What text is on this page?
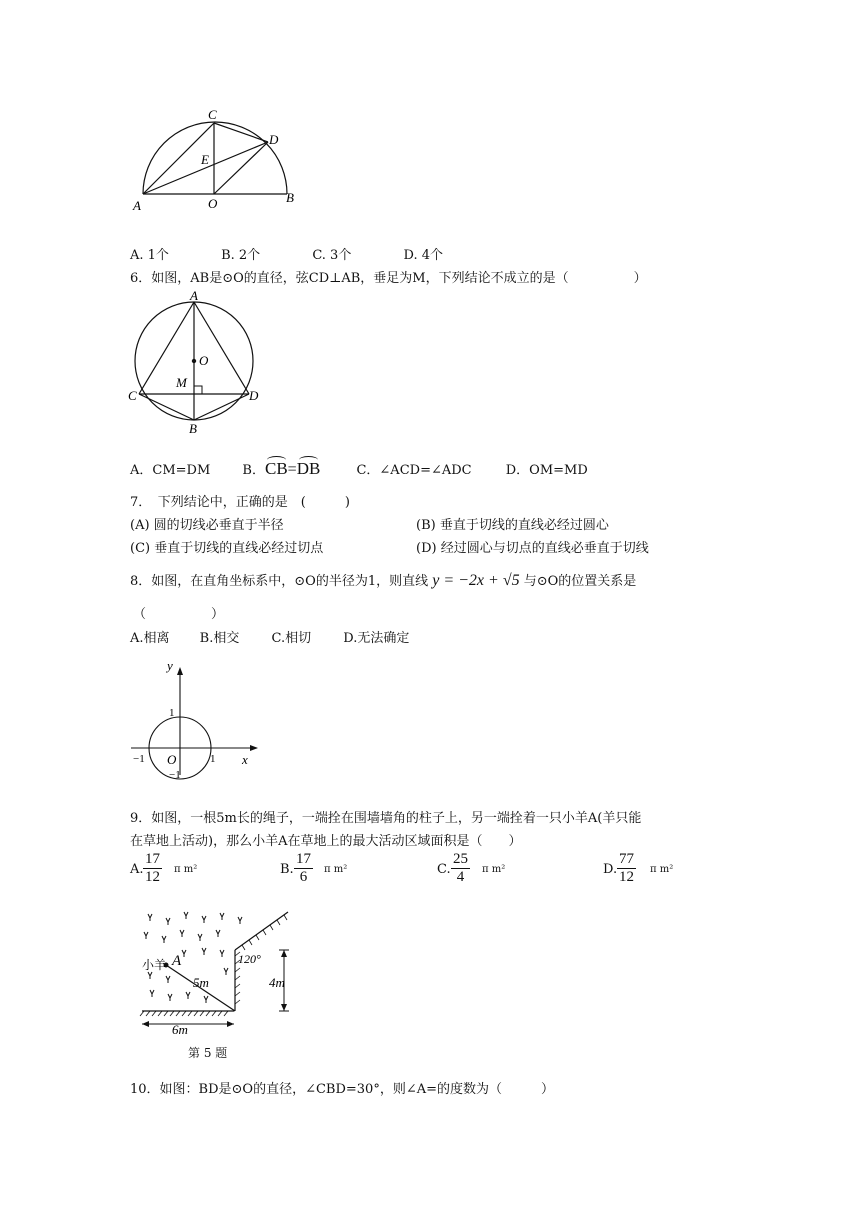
C
D
E
A	O	B
A. 1个	B. 2个	C. 3个	D. 4个
6．如图，AB是⊙O的直径，弦CD⊥AB，垂足为M，下列结论不成立的是（　　　　　）
A
O
M
C	D
B
A．CM=DM B．CB=DB	C．∠ACD=∠ADC	D．OM=MD
7．　下列结论中，正确的是　(　　　)
(A) 圆的切线必垂直于半径	(B) 垂直于切线的直线必经过圆心
(C) 垂直于切线的直线必经过切点	(D) 经过圆心与切点的直线必垂直于切线
8．如图，在直角坐标系中，⊙O的半径为1，则直线 y = −2x + √5 与⊙O的位置关系是
（　　　　　）
A.相离 B.相交 C.相切 D.无法确定
y
x
1
−1 O	1
−1
9．如图，一根5m长的绳子，一端拴在围墙墙角的柱子上，另一端拴着一只小羊A(羊只能
在草地上活动)，那么小羊A在草地上的最大活动区域面积是（　　）
A. $\frac{17}{12}$ π m²	B. $\frac{17}{6}$ π m²	C. $\frac{25}{4}$ π m²	D. $\frac{77}{12}$ π m²
小羊 A
5m
120°
4m
6m
第 5 题
10．如图：BD是⊙O的直径，∠CBD=30°，则∠A=的度数为（　　　）
